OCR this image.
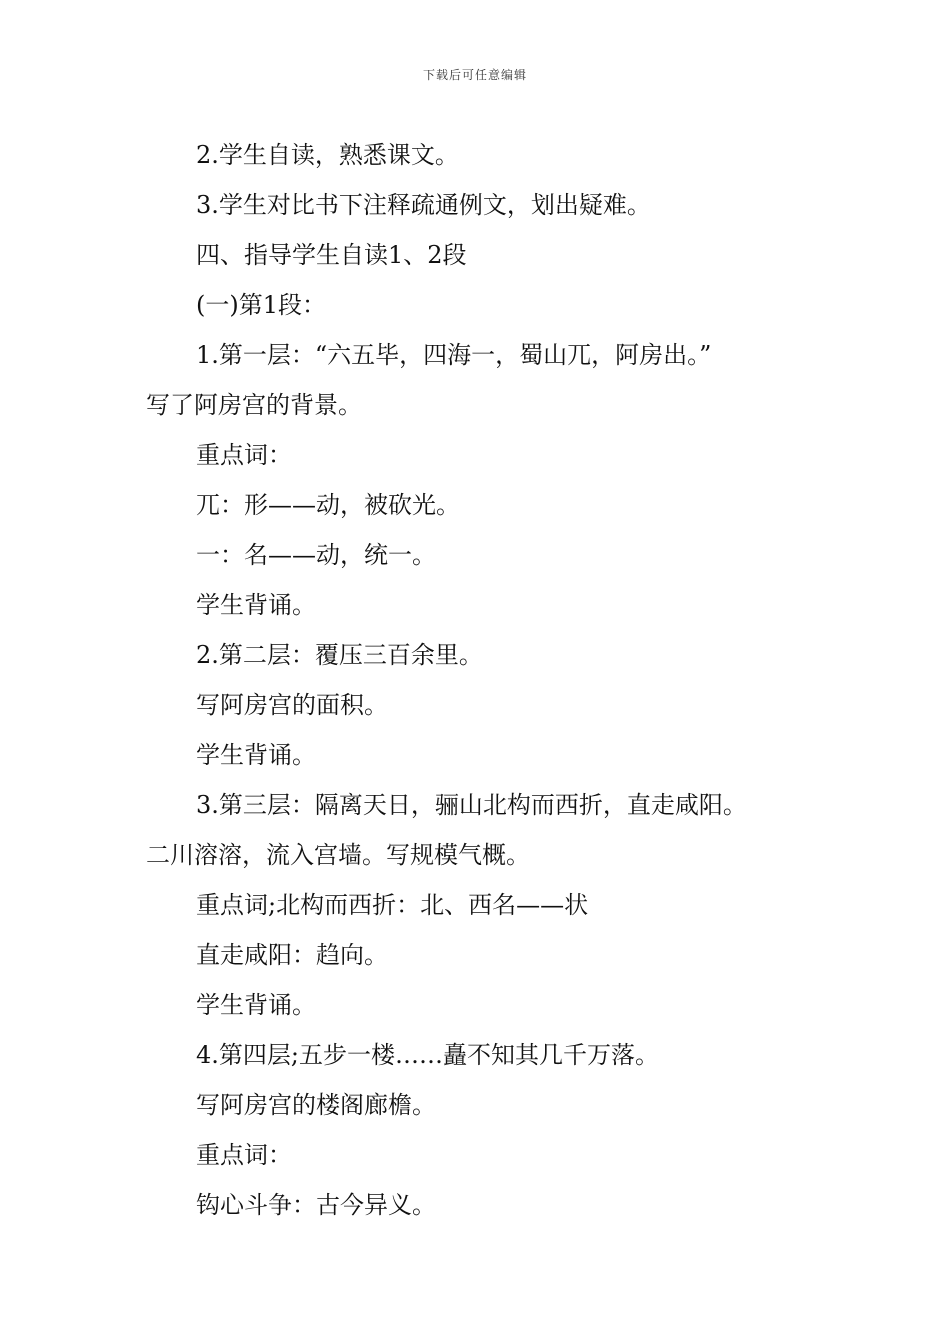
下载后可任意编辑

2.学生自读，熟悉课文。

3.学生对比书下注释疏通例文，划出疑难。

四、指导学生自读1、2段

(一)第1段：

1.第一层：“六五毕，四海一，蜀山兀，阿房出。”

写了阿房宫的背景。

重点词：

兀：形——动，被砍光。

一：名——动，统一。

学生背诵。

2.第二层：覆压三百余里。

写阿房宫的面积。

学生背诵。

3.第三层：隔离天日，骊山北构而西折，直走咸阳。

二川溶溶，流入宫墙。写规模气概。

重点词;北构而西折：北、西名——状

直走咸阳：趋向。

学生背诵。

4.第四层;五步一楼……矗不知其几千万落。

写阿房宫的楼阁廊檐。

重点词：

钩心斗争：古今异义。
